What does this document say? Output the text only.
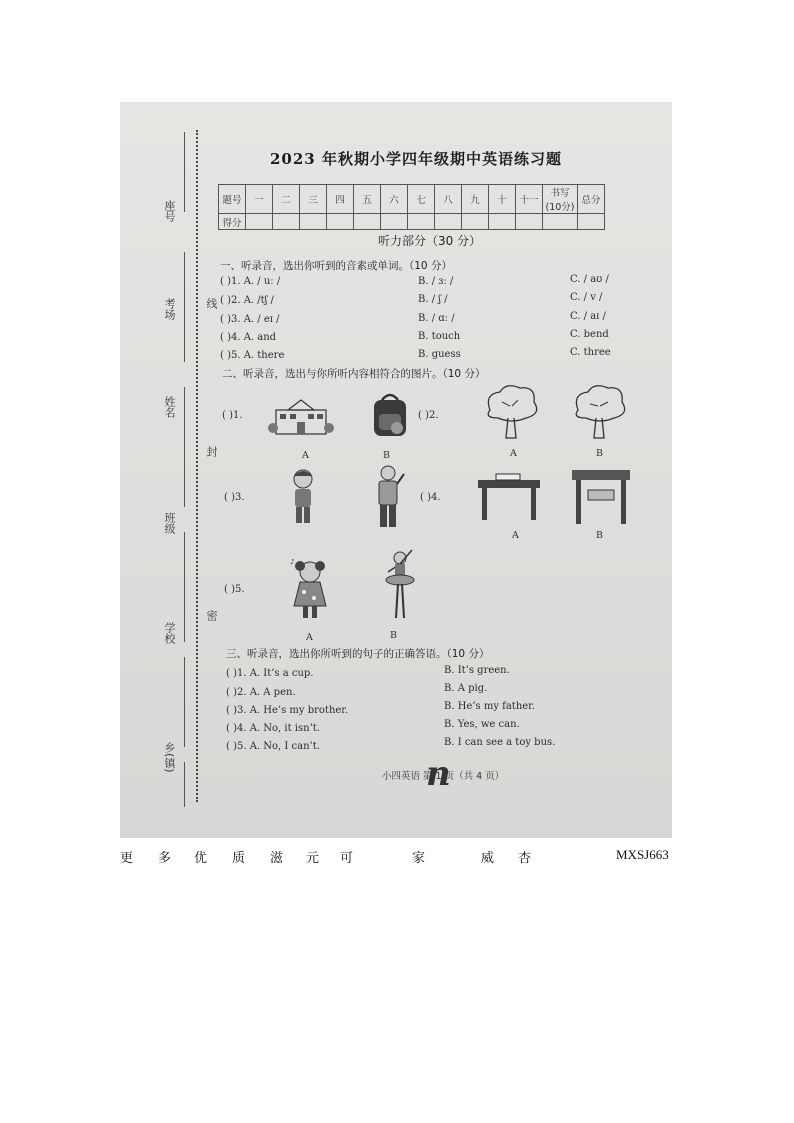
座号
考场	线
姓名
封
班级
学校
密
乡(镇)
2023 年秋期小学四年级期中英语练习题
题号	一	二	三	四	五	六	七	八	九	十	十一	书写(10分)	总分
得分													
听力部分（30 分）
一、听录音，选出你听到的音素或单词。（10 分）
( )1. A. / uː /	B. / ɜː /	C. / aʊ /
( )2. A. /tʃ /	B. / ʃ /	C. / v /
( )3. A. / eɪ /	B. / ɑː /	C. / aɪ /
( )4. A. and	B. touch	C. bend
( )5. A. there	B. guess	C. three
二、听录音，选出与你所听内容相符合的图片。（10 分）
( )1.	( )2.
A	B	A	B
( )3.	( )4.
A	B
( )5.
♪
A	B
三、听录音，选出你所听到的句子的正确答语。（10 分）
( )1. A. It’s a cup.	B. It’s green.
( )2. A. A pen.	B. A pig.
( )3. A. He’s my brother.	B. He’s my father.
( )4. A. No, it isn’t.	B. Yes, we can.
( )5. A. No, I can’t.	B. I can see a toy bus.
小四英语 第 1 页（共 4 页）
n
更 多 优 质 滋 元 可	家	威 杏	MXSJ663
